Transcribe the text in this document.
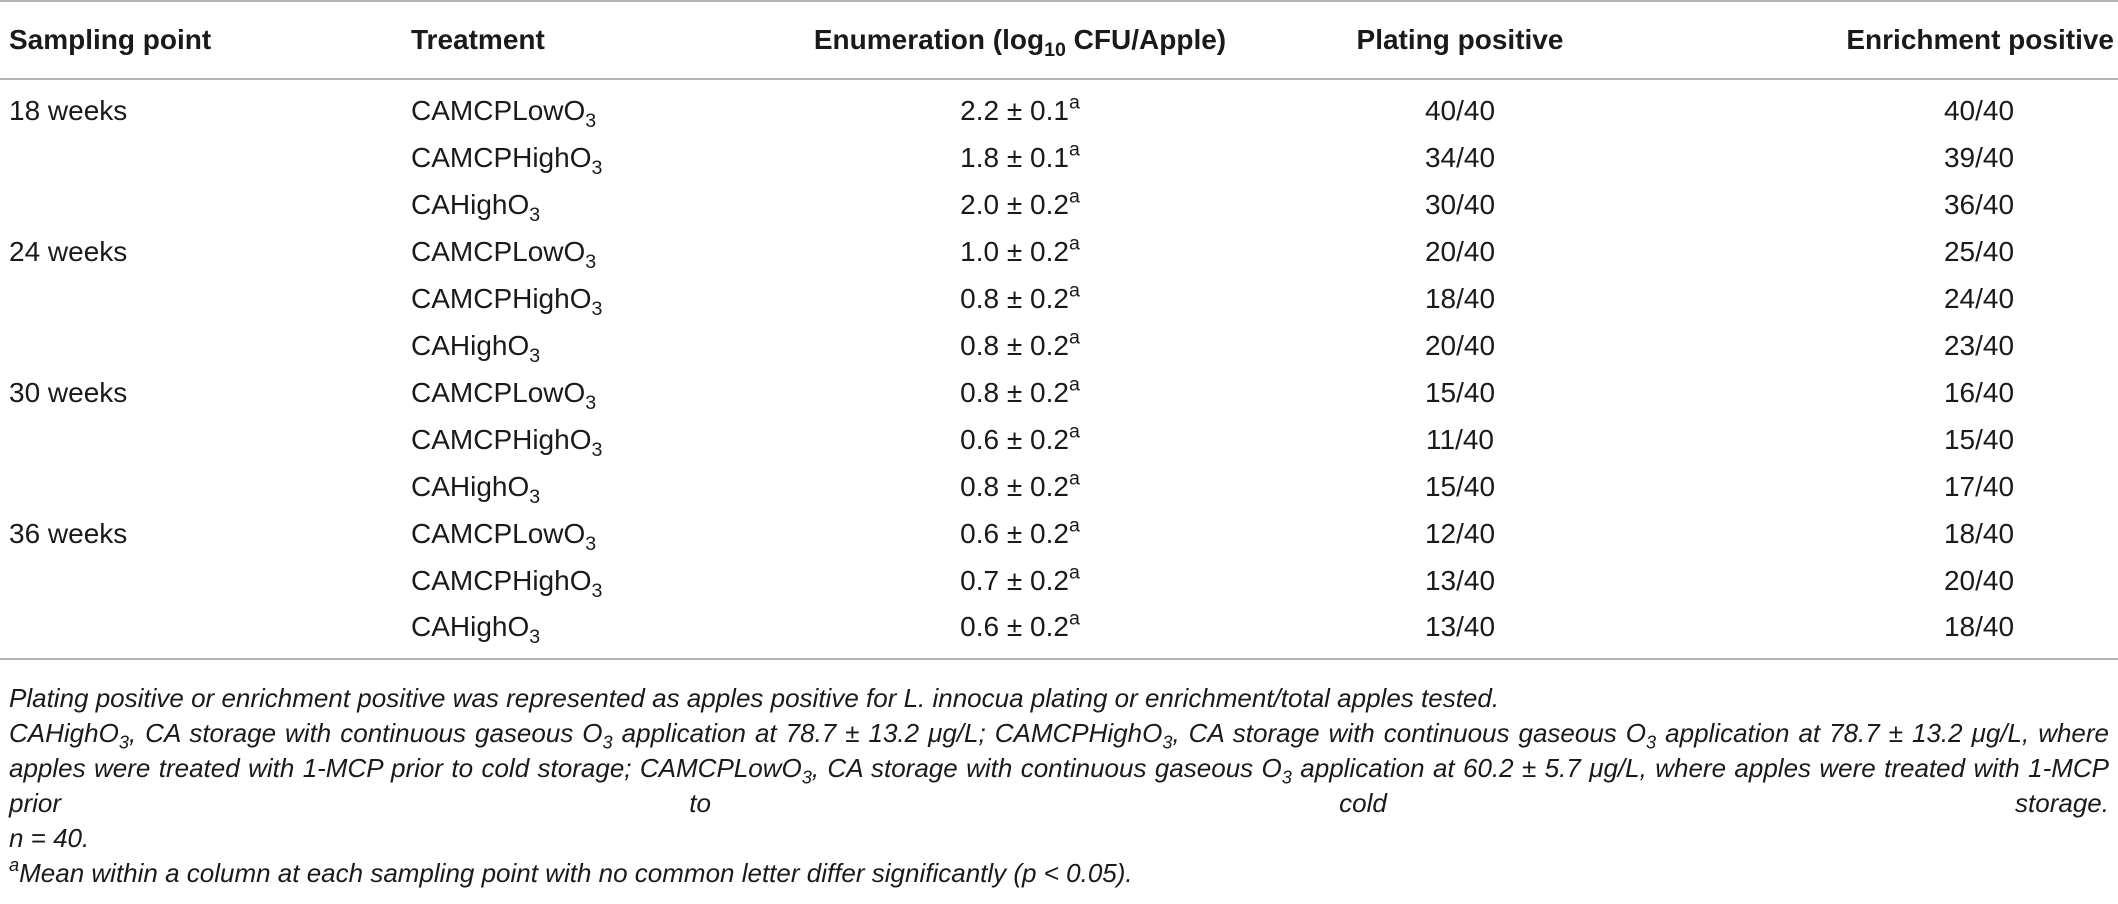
Sampling point	Treatment	Enumeration ($\log_{10}$ CFU/Apple)	Plating positive	Enrichment positive
18 weeks	CAMCPLowO$_3$	2.2 ± 0.1$^a$	40/40	40/40
	CAMCPHighO$_3$	1.8 ± 0.1$^a$	34/40	39/40
	CAHighO$_3$	2.0 ± 0.2$^a$	30/40	36/40
24 weeks	CAMCPLowO$_3$	1.0 ± 0.2$^a$	20/40	25/40
	CAMCPHighO$_3$	0.8 ± 0.2$^a$	18/40	24/40
	CAHighO$_3$	0.8 ± 0.2$^a$	20/40	23/40
30 weeks	CAMCPLowO$_3$	0.8 ± 0.2$^a$	15/40	16/40
	CAMCPHighO$_3$	0.6 ± 0.2$^a$	11/40	15/40
	CAHighO$_3$	0.8 ± 0.2$^a$	15/40	17/40
36 weeks	CAMCPLowO$_3$	0.6 ± 0.2$^a$	12/40	18/40
	CAMCPHighO$_3$	0.7 ± 0.2$^a$	13/40	20/40
	CAHighO$_3$	0.6 ± 0.2$^a$	13/40	18/40

Plating positive or enrichment positive was represented as apples positive for L. innocua plating or enrichment/total apples tested.

CAHighO$_3$, CA storage with continuous gaseous $O_3$ application at 78.7 ± 13.2 μg/L; CAMCPHighO$_3$, CA storage with continuous gaseous $O_3$ application at 78.7 ± 13.2 μg/L, where apples were treated with 1-MCP prior to cold storage; CAMCPLowO$_3$, CA storage with continuous gaseous $O_3$ application at 60.2 ± 5.7 μg/L, where apples were treated with 1-MCP prior to cold storage.

n = 40.

$^a$Mean within a column at each sampling point with no common letter differ significantly (p < 0.05).
